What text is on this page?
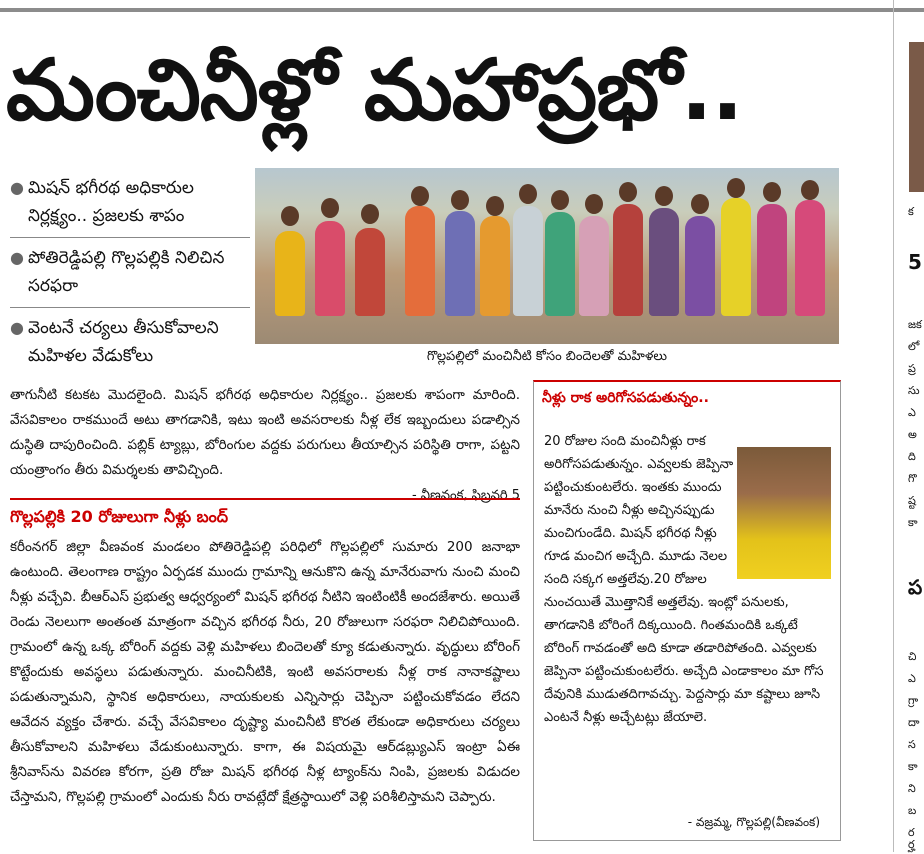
మంచినీళ్లో మహాప్రభో..
● మిషన్ భగీరథ అధికారుల నిర్లక్ష్యం.. ప్రజలకు శాపం
● పోతిరెడ్డిపల్లి గొల్లపల్లికి నిలిచిన సరఫరా
● వెంటనే చర్యలు తీసుకోవాలని మహిళల వేడుకోలు	గొల్లపల్లిలో మంచినీటి కోసం బిందెలతో మహిళలు

తాగునీటి కటకట మొదలైంది. మిషన్ భగీరథ అధికారుల నిర్లక్ష్యం.. ప్రజలకు శాపంగా మారింది. వేసవికాలం రాకముందే అటు తాగడానికి, ఇటు ఇంటి అవసరాలకు నీళ్ల లేక ఇబ్బందులు పడాల్సిన దుస్థితి దాపురించింది. పబ్లిక్ ట్యాబ్లు, బోరింగుల వద్దకు పరుగులు తీయాల్సిన పరిస్థితి రాగా, పట్టని యంత్రాంగం తీరు విమర్శలకు తావిచ్చింది.

- వీణవంక, ఫిబ్రవరి 5
గొల్లపల్లికి 20 రోజులుగా నీళ్లు బంద్
కరీంనగర్ జిల్లా వీణవంక మండలం పోతిరెడ్డిపల్లి పరిధిలో గొల్లపల్లిలో సుమారు 200 జనాభా ఉంటుంది. తెలంగాణ రాష్ట్రం ఏర్పడక ముందు గ్రామాన్ని ఆనుకొని ఉన్న మానేరువాగు నుంచి మంచి నీళ్లు వచ్చేవి. బీఆర్ఎస్ ప్రభుత్వ ఆధ్వర్యంలో మిషన్ భగీరథ నీటిని ఇంటింటికీ అందజేశారు. అయితే రెండు నెలలుగా అంతంత మాత్రంగా వచ్చిన భగీరథ నీరు, 20 రోజులుగా సరఫరా నిలిచిపోయింది. గ్రామంలో ఉన్న ఒక్క బోరింగ్ వద్దకు వెళ్లి మహిళలు బిందెలతో క్యూ కడుతున్నారు. వృద్ధులు బోరింగ్ కొట్టేందుకు అవస్థలు పడుతున్నారు. మంచినీటికి, ఇంటి అవసరాలకు నీళ్ల రాక నానాకష్టాలు పడుతున్నామని, స్థానిక అధికారులు, నాయకులకు ఎన్నిసార్లు చెప్పినా పట్టించుకోవడం లేదని ఆవేదన వ్యక్తం చేశారు. వచ్చే వేసవికాలం దృష్ట్యా మంచినీటి కొరత లేకుండా అధికారులు చర్యలు తీసుకోవాలని మహిళలు వేడుకుంటున్నారు. కాగా, ఈ విషయమై ఆర్‌డబ్ల్యుఎస్ ఇంట్రా ఏఈ శ్రీనివాస్‌ను వివరణ కోరగా, ప్రతి రోజు మిషన్ భగీరథ నీళ్ల ట్యాంక్‌ను నింపి, ప్రజలకు విడుదల చేస్తామని, గొల్లపల్లి గ్రామంలో ఎందుకు నీరు రావట్లేదో క్షేత్రస్థాయిలో వెళ్లి పరిశీలిస్తామని చెప్పారు.
నీళ్లు రాక అరిగోసపడుతున్నం..
20 రోజుల సంది మంచినీళ్లు రాక అరిగోసపడుతున్నం. ఎవ్వలకు జెప్పినా పట్టించుకుంటలేరు. ఇంతకు ముందు మానేరు నుంచి నీళ్లు అచ్చినప్పుడు మంచిగుండేది. మిషన్ భగీరథ నీళ్లు గూడ మంచిగ అచ్చేది. మూడు నెలల సంది సక్కగ అత్తలేవు.20 రోజుల నుంచయితే మొత్తానికే అత్తలేవు. ఇంట్లో పనులకు, తాగడానికి బోరింగే దిక్కయింది. గింతమందికి ఒక్కటే బోరింగ్ గావడంతో అది కూడా తడారిపోతంది. ఎవ్వలకు జెప్పినా పట్టించుకుంటలేరు. అచ్చేది ఎండాకాలం మా గోస దేవునికి ముడుతదిగావచ్చు. పెద్దసార్లు మా కష్టాలు జూసి ఎంటనే నీళ్లు అచ్చేటట్లు జేయాలె.
- వజ్రమ్మ, గొల్లపల్లి(వీణవంక)
క
5
జక
లో
ప్ర
సు
ఎ
అ
ది
గొ
ష్ట
కా
ప
చి
ఎ
గ్రా
దా
స
కా
ని
బ
ర
ర్హ
